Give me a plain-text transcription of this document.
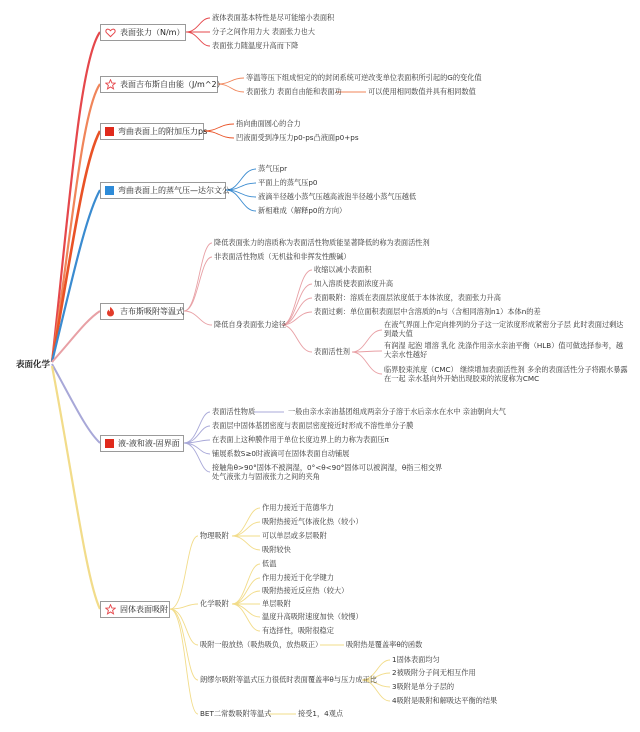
表面化学
表面张力（N/m）
表面吉布斯自由能（J/m^2）
弯曲表面上的附加压力ps
弯曲表面上的蒸气压—达尔文公
吉布斯吸附等温式
液-液和液-固界面
固体表面吸附
液体表面基本特性是尽可能缩小表面积
分子之间作用力大 表面张力也大
表面张力随温度升高而下降
等温等压下组成恒定的的封闭系统可逆改变单位表面积所引起的G的变化值
表面张力 表面自由能和表面功	可以使用相同数值并具有相同数值
指向曲面圆心的合力
凹液面受到净压力p0-ps凸液面p0+ps
蒸气压pr
平面上的蒸气压p0
液滴半径越小蒸气压越高液泡半径越小蒸气压越低
新相难成（解释p0的方向）
降低表面张力的溶质称为表面活性物质能显著降低的称为表面活性剂
非表面活性物质（无机盐和非挥发性酸碱）
降低自身表面张力途径
收缩以减小表面积
加入溶质使表面浓度升高
表面吸附：溶质在表面层浓度低于本体浓度，表面张力升高
表面过剩：单位面积表面层中含溶质的n与（含相同溶剂n1）本体n的差
表面活性剂
在液气界面上作定向排列的分子这一定浓度形成紧密分子层 此时表面过剩达到最大值
有润湿 起泡 增溶 乳化 洗涤作用亲水亲油平衡（HLB）值可做选择参考，越大亲水性越好
临界胶束浓度（CMC） 继续增加表面活性剂 多余的表面活性分子将跟水暴露在一起 亲水基向外开始出现胶束的浓度称为CMC
表面活性物质	一般由亲水亲油基团组成两亲分子溶于水后亲水在水中 亲油朝向大气
表面层中固体基团密度与表面层密度接近时形成不溶性单分子膜
在表面上这种膜作用于单位长度边界上的力称为表面压π
铺展系数S≥0时液滴可在固体表面自动铺展
接触角θ>90°固体不被润湿，0°<θ<90°固体可以被润湿，θ指三相交界处气液张力与固液张力之间的夹角
物理吸附
作用力接近于范德华力
吸附热接近气体液化热（较小）
可以单层或多层吸附
吸附较快
化学吸附
低温
作用力接近于化学键力
吸附热接近反应热（较大）
单层吸附
温度升高吸附速度加快（较慢）
有选择性，吸附很稳定
吸附一般放热（吸热吸负，放热吸正）	吸附热是覆盖率θ的函数
朗缪尔吸附等温式压力很低时表面覆盖率θ与压力成正比
1固体表面均匀
2被吸附分子间无相互作用
3吸附是单分子层的
4吸附是吸附和解吸达平衡的结果
BET二常数吸附等温式	接受1，4观点
